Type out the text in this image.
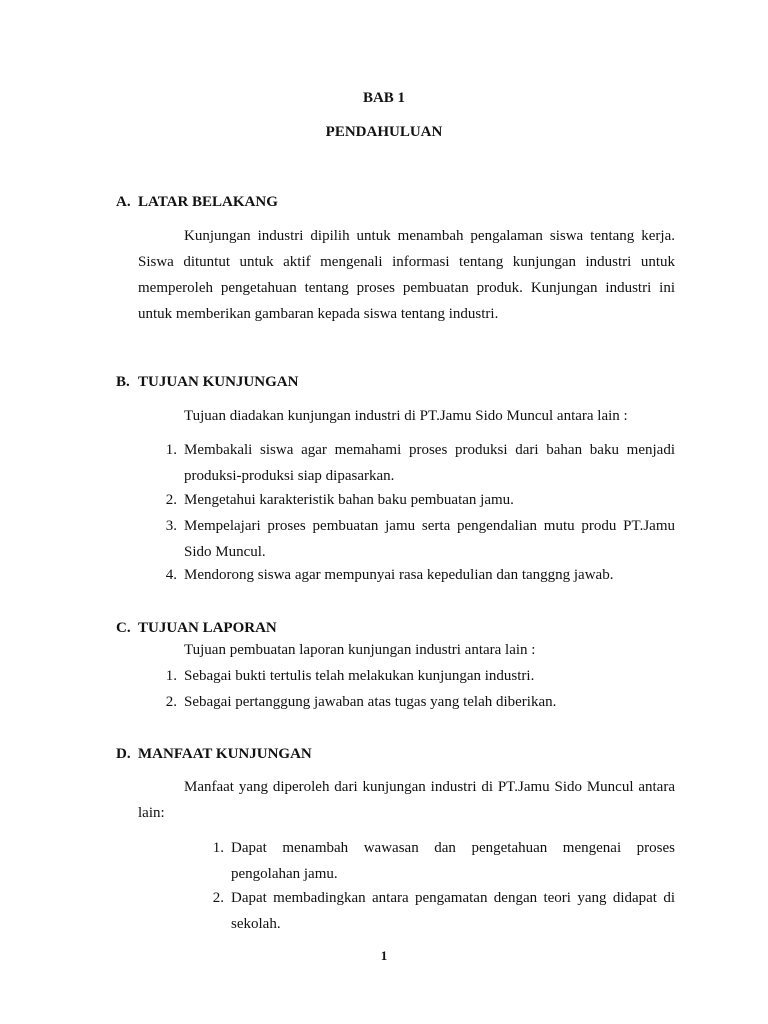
BAB 1
PENDAHULUAN
A. LATAR BELAKANG
Kunjungan industri dipilih untuk menambah pengalaman siswa tentang kerja. Siswa dituntut untuk aktif mengenali informasi tentang kunjungan industri untuk memperoleh pengetahuan tentang proses pembuatan produk. Kunjungan industri ini untuk memberikan gambaran kepada siswa tentang industri.
B. TUJUAN KUNJUNGAN
Tujuan diadakan kunjungan industri di PT.Jamu Sido Muncul antara lain :
1. Membakali siswa agar memahami proses produksi dari bahan baku menjadi produksi-produksi siap dipasarkan.
2. Mengetahui karakteristik bahan baku pembuatan jamu.
3. Mempelajari proses pembuatan jamu serta pengendalian mutu produ PT.Jamu Sido Muncul.
4. Mendorong siswa agar mempunyai rasa kepedulian dan tanggng jawab.
C. TUJUAN LAPORAN
Tujuan pembuatan laporan kunjungan industri antara lain :
1. Sebagai bukti tertulis telah melakukan kunjungan industri.
2. Sebagai pertanggung jawaban atas tugas yang telah diberikan.
D. MANFAAT KUNJUNGAN
Manfaat yang diperoleh dari kunjungan industri di PT.Jamu Sido Muncul antara lain:
1. Dapat menambah wawasan dan pengetahuan mengenai proses pengolahan jamu.
2. Dapat membadingkan antara pengamatan dengan teori yang didapat di sekolah.
1
